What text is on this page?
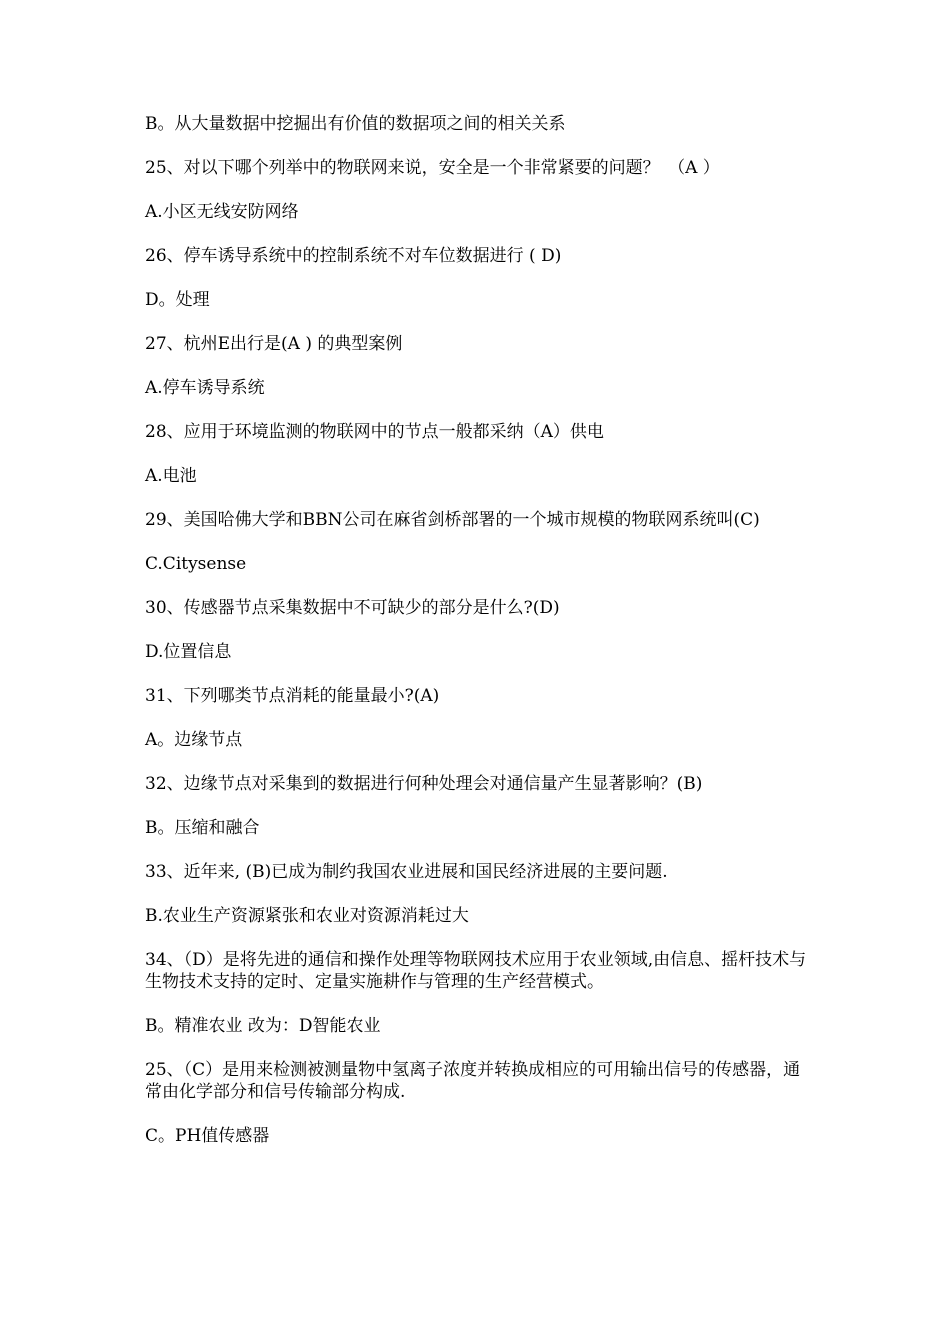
B。从大量数据中挖掘出有价值的数据项之间的相关关系

25、对以下哪个列举中的物联网来说，安全是一个非常紧要的问题？　（A ）

A.小区无线安防网络

26、停车诱导系统中的控制系统不对车位数据进行 ( D)

D。处理

27、杭州E出行是(A ) 的典型案例

A.停车诱导系统

28、应用于环境监测的物联网中的节点一般都采纳（A）供电

A.电池

29、美国哈佛大学和BBN公司在麻省剑桥部署的一个城市规模的物联网系统叫(C)

C.Citysense

30、传感器节点采集数据中不可缺少的部分是什么?(D)

D.位置信息

31、下列哪类节点消耗的能量最小?(A)

A。边缘节点

32、边缘节点对采集到的数据进行何种处理会对通信量产生显著影响？(B)

B。压缩和融合

33、近年来, (B)已成为制约我国农业进展和国民经济进展的主要问题.

B.农业生产资源紧张和农业对资源消耗过大

34、（D）是将先进的通信和操作处理等物联网技术应用于农业领域,由信息、摇杆技术与生物技术支持的定时、定量实施耕作与管理的生产经营模式。

B。精准农业 改为：D智能农业

25、（C）是用来检测被测量物中氢离子浓度并转换成相应的可用输出信号的传感器，通常由化学部分和信号传输部分构成.

C。PH值传感器
